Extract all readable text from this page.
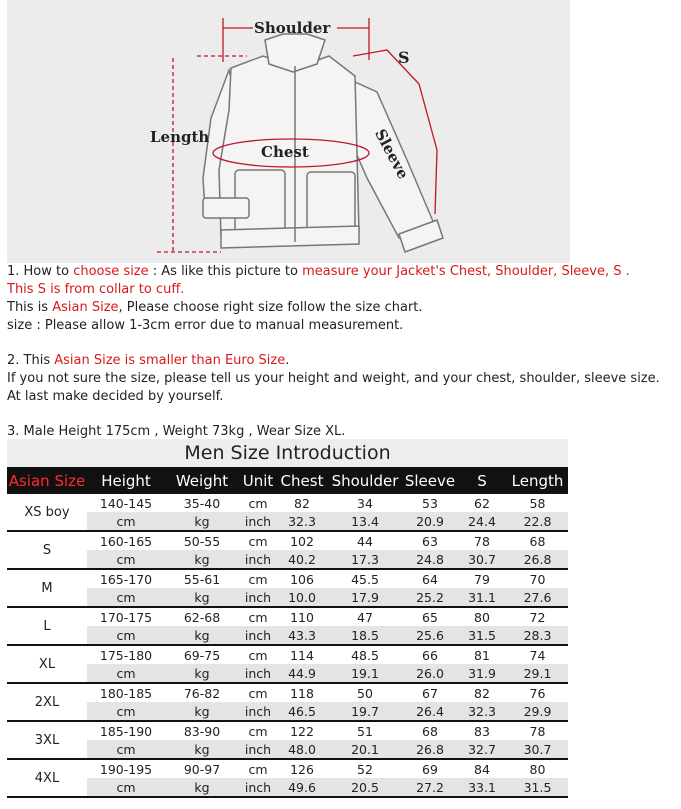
Shoulder
S
Sleeve
Length
Chest
1. How to choose size : As like this picture to measure your Jacket's Chest, Shoulder, Sleeve, S .
This S is from collar to cuff.
This is Asian Size, Please choose right size follow the size chart.
size : Please allow 1-3cm error due to manual measurement.
2. This Asian Size is smaller than Euro Size.
If you not sure the size, please tell us your height and weight, and your chest, shoulder, sleeve size.
At last make decided by yourself.
3. Male Height 175cm , Weight 73kg , Wear Size XL.
Men Size Introduction
Asian Size	Height	Weight	Unit	Chest	Shoulder	Sleeve	S	Length
XS boy	140-145	35-40	cm	82	34	53	62	58
	cm	kg	inch	32.3	13.4	20.9	24.4	22.8
S	160-165	50-55	cm	102	44	63	78	68
	cm	kg	inch	40.2	17.3	24.8	30.7	26.8
M	165-170	55-61	cm	106	45.5	64	79	70
	cm	kg	inch	10.0	17.9	25.2	31.1	27.6
L	170-175	62-68	cm	110	47	65	80	72
	cm	kg	inch	43.3	18.5	25.6	31.5	28.3
XL	175-180	69-75	cm	114	48.5	66	81	74
	cm	kg	inch	44.9	19.1	26.0	31.9	29.1
2XL	180-185	76-82	cm	118	50	67	82	76
	cm	kg	inch	46.5	19.7	26.4	32.3	29.9
3XL	185-190	83-90	cm	122	51	68	83	78
	cm	kg	inch	48.0	20.1	26.8	32.7	30.7
4XL	190-195	90-97	cm	126	52	69	84	80
	cm	kg	inch	49.6	20.5	27.2	33.1	31.5
